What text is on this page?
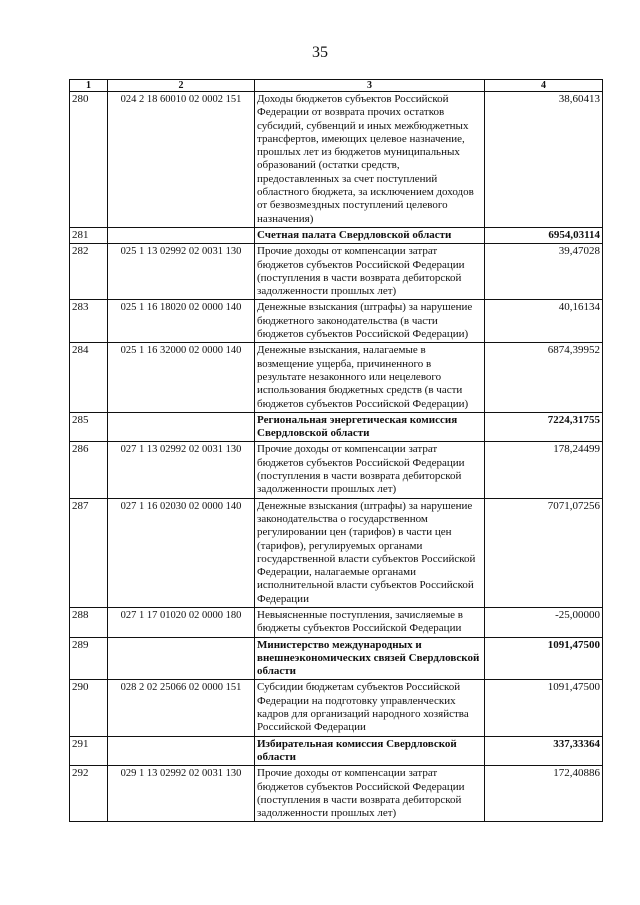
35
1	2	3	4
280	024 2 18 60010 02 0002 151	Доходы бюджетов субъектов Российской Федерации от возврата прочих остатков субсидий, субвенций и иных межбюджетных трансфертов, имеющих целевое назначение, прошлых лет из бюджетов муниципальных образований (остатки средств, предоставленных за счет поступлений областного бюджета, за исключением доходов от безвозмездных поступлений целевого назначения)	38,60413
281		Счетная палата Свердловской области	6954,03114
282	025 1 13 02992 02 0031 130	Прочие доходы от компенсации затрат бюджетов субъектов Российской Федерации (поступления в части возврата дебиторской задолженности прошлых лет)	39,47028
283	025 1 16 18020 02 0000 140	Денежные взыскания (штрафы) за нарушение бюджетного законодательства (в части бюджетов субъектов Российской Федерации)	40,16134
284	025 1 16 32000 02 0000 140	Денежные взыскания, налагаемые в возмещение ущерба, причиненного в результате незаконного или нецелевого использования бюджетных средств (в части бюджетов субъектов Российской Федерации)	6874,39952
285		Региональная энергетическая комиссия Свердловской области	7224,31755
286	027 1 13 02992 02 0031 130	Прочие доходы от компенсации затрат бюджетов субъектов Российской Федерации (поступления в части возврата дебиторской задолженности прошлых лет)	178,24499
287	027 1 16 02030 02 0000 140	Денежные взыскания (штрафы) за нарушение законодательства о государственном регулировании цен (тарифов) в части цен (тарифов), регулируемых органами государственной власти субъектов Российской Федерации, налагаемые органами исполнительной власти субъектов Российской Федерации	7071,07256
288	027 1 17 01020 02 0000 180	Невыясненные поступления, зачисляемые в бюджеты субъектов Российской Федерации	-25,00000
289		Министерство международных и внешнеэкономических связей Свердловской области	1091,47500
290	028 2 02 25066 02 0000 151	Субсидии бюджетам субъектов Российской Федерации на подготовку управленческих кадров для организаций народного хозяйства Российской Федерации	1091,47500
291		Избирательная комиссия Свердловской области	337,33364
292	029 1 13 02992 02 0031 130	Прочие доходы от компенсации затрат бюджетов субъектов Российской Федерации (поступления в части возврата дебиторской задолженности прошлых лет)	172,40886
